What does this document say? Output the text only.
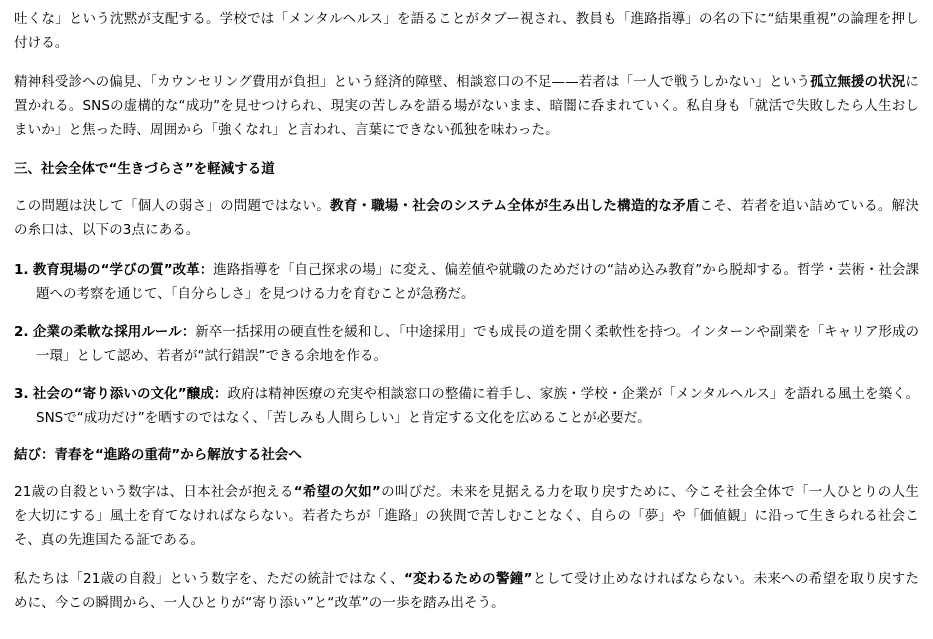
吐くな」という沈黙が支配する。学校では「メンタルヘルス」を語ることがタブー視され、教員も「進路指導」の名の下に“結果重視”の論理を押し付ける。

精神科受診への偏見、「カウンセリング費用が負担」という経済的障壁、相談窓口の不足——若者は「一人で戦うしかない」という孤立無援の状況に置かれる。SNSの虚構的な“成功”を見せつけられ、現実の苦しみを語る場がないまま、暗闇に呑まれていく。私自身も「就活で失敗したら人生おしまいか」と焦った時、周囲から「強くなれ」と言われ、言葉にできない孤独を味わった。

三、社会全体で“生きづらさ”を軽減する道

この問題は決して「個人の弱さ」の問題ではない。教育・職場・社会のシステム全体が生み出した構造的な矛盾こそ、若者を追い詰めている。解決の糸口は、以下の3点にある。

1. 教育現場の“学びの質”改革：進路指導を「自己探求の場」に変え、偏差値や就職のためだけの“詰め込み教育”から脱却する。哲学・芸術・社会課題への考察を通じて、「自分らしさ」を見つける力を育むことが急務だ。
2. 企業の柔軟な採用ルール：新卒一括採用の硬直性を緩和し、「中途採用」でも成長の道を開く柔軟性を持つ。インターンや副業を「キャリア形成の一環」として認め、若者が“試行錯誤”できる余地を作る。
3. 社会の“寄り添いの文化”醸成：政府は精神医療の充実や相談窓口の整備に着手し、家族・学校・企業が「メンタルヘルス」を語れる風土を築く。SNSで“成功だけ”を晒すのではなく、「苦しみも人間らしい」と肯定する文化を広めることが必要だ。
結び：青春を“進路の重荷”から解放する社会へ

21歳の自殺という数字は、日本社会が抱える“希望の欠如”の叫びだ。未来を見据える力を取り戻すために、今こそ社会全体で「一人ひとりの人生を大切にする」風土を育てなければならない。若者たちが「進路」の狭間で苦しむことなく、自らの「夢」や「価値観」に沿って生きられる社会こそ、真の先進国たる証である。

私たちは「21歳の自殺」という数字を、ただの統計ではなく、“変わるための警鐘”として受け止めなければならない。未来への希望を取り戻すために、今この瞬間から、一人ひとりが“寄り添い”と“改革”の一歩を踏み出そう。
